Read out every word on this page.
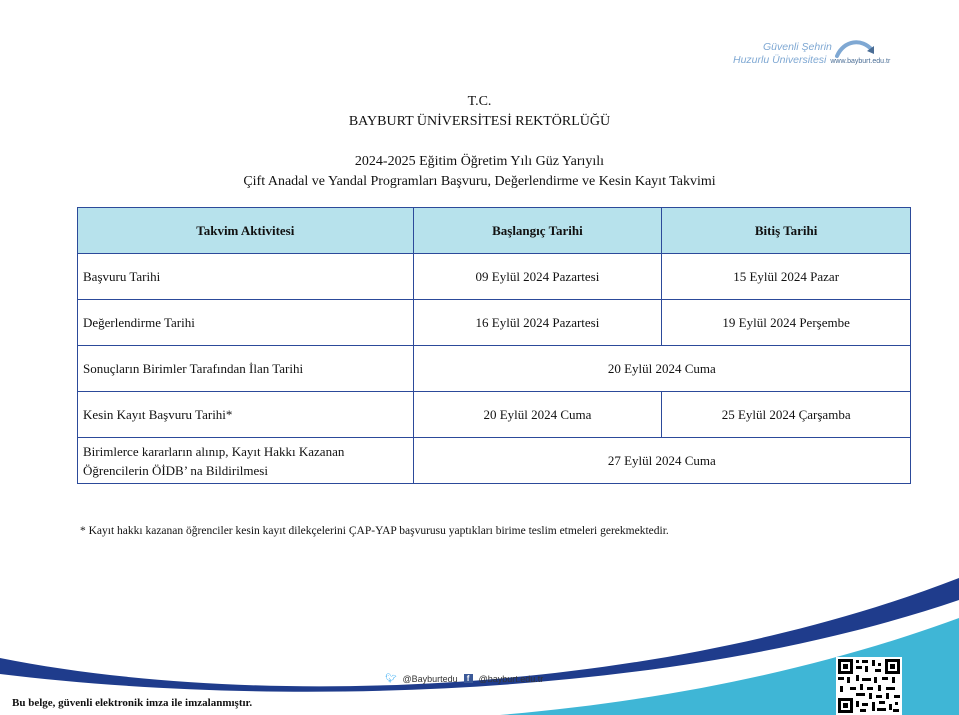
Güvenli Şehrin
Huzurlu Üniversitesi www.bayburt.edu.tr
T.C.
BAYBURT ÜNİVERSİTESİ REKTÖRLÜĞÜ
2024-2025 Eğitim Öğretim Yılı Güz Yarıyılı
Çift Anadal ve Yandal Programları Başvuru, Değerlendirme ve Kesin Kayıt Takvimi
Takvim Aktivitesi	Başlangıç Tarihi	Bitiş Tarihi
Başvuru Tarihi	09 Eylül 2024 Pazartesi	15 Eylül 2024 Pazar
Değerlendirme Tarihi	16 Eylül 2024 Pazartesi	19 Eylül 2024 Perşembe
Sonuçların Birimler Tarafından İlan Tarihi	20 Eylül 2024 Cuma	
Kesin Kayıt Başvuru Tarihi*	20 Eylül 2024 Cuma	25 Eylül 2024 Çarşamba
Birimlerce kararların alınıp, Kayıt Hakkı Kazanan Öğrencilerin ÖİDB’ na Bildirilmesi	27 Eylül 2024 Cuma	
* Kayıt hakkı kazanan öğrenciler kesin kayıt dilekçelerini ÇAP-YAP başvurusu yaptıkları birime teslim etmeleri gerekmektedir.
🐦︎ @Bayburtedu	f	@bayburt.edu.tr
Bu belge, güvenli elektronik imza ile imzalanmıştır.
